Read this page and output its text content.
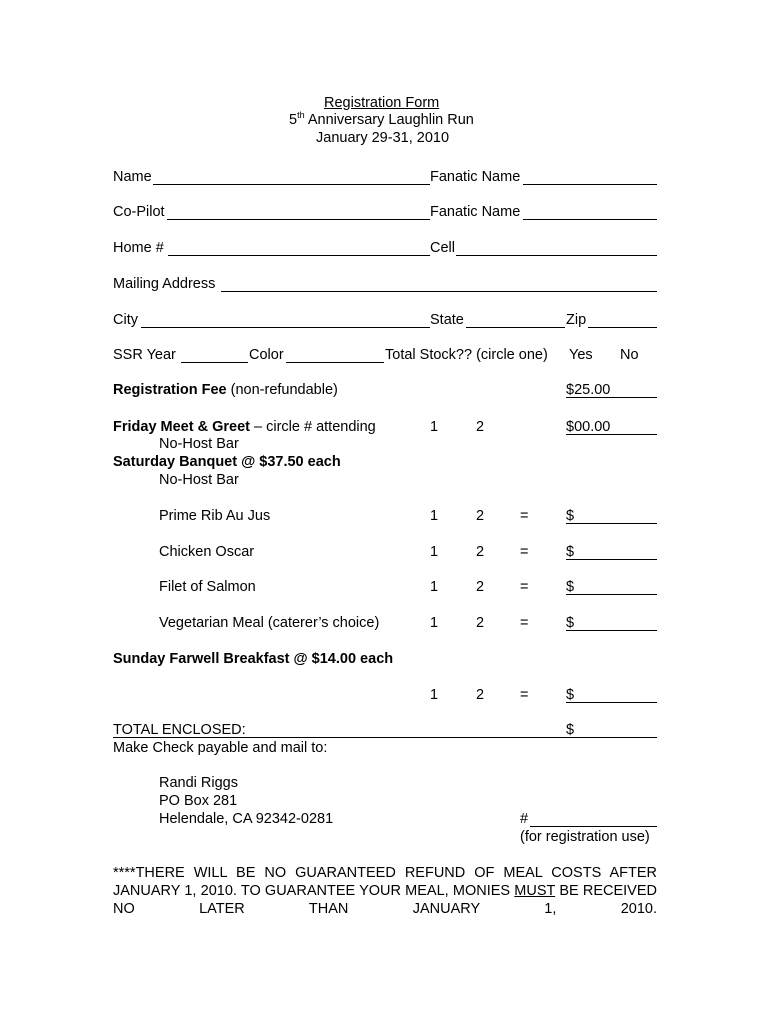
Registration Form
5th Anniversary Laughlin Run
January 29-31, 2010
Name	Fanatic Name
Co-Pilot	Fanatic Name
Home #	Cell
Mailing Address
City	State	Zip
SSR Year	Color	Total Stock?? (circle one) Yes No
Registration Fee (non-refundable)	$25.00
Friday Meet & Greet – circle # attending	1	2	$00.00
No-Host Bar
Saturday Banquet @ $37.50 each
No-Host Bar
Prime Rib Au Jus	1	2 =	$
Chicken Oscar	1	2 =	$
Filet of Salmon	1	2 =	$
Vegetarian Meal (caterer’s choice)	1	2 =	$
Sunday Farwell Breakfast @ $14.00 each
1	2 =	$
TOTAL ENCLOSED:	$
Make Check payable and mail to:
Randi Riggs
PO Box 281
Helendale, CA 92342-0281	#
(for registration use)
****THERE WILL BE NO GUARANTEED REFUND OF MEAL COSTS AFTER JANUARY 1, 2010. TO GUARANTEE YOUR MEAL, MONIES MUST BE RECEIVED NO LATER THAN JANUARY 1, 2010.
